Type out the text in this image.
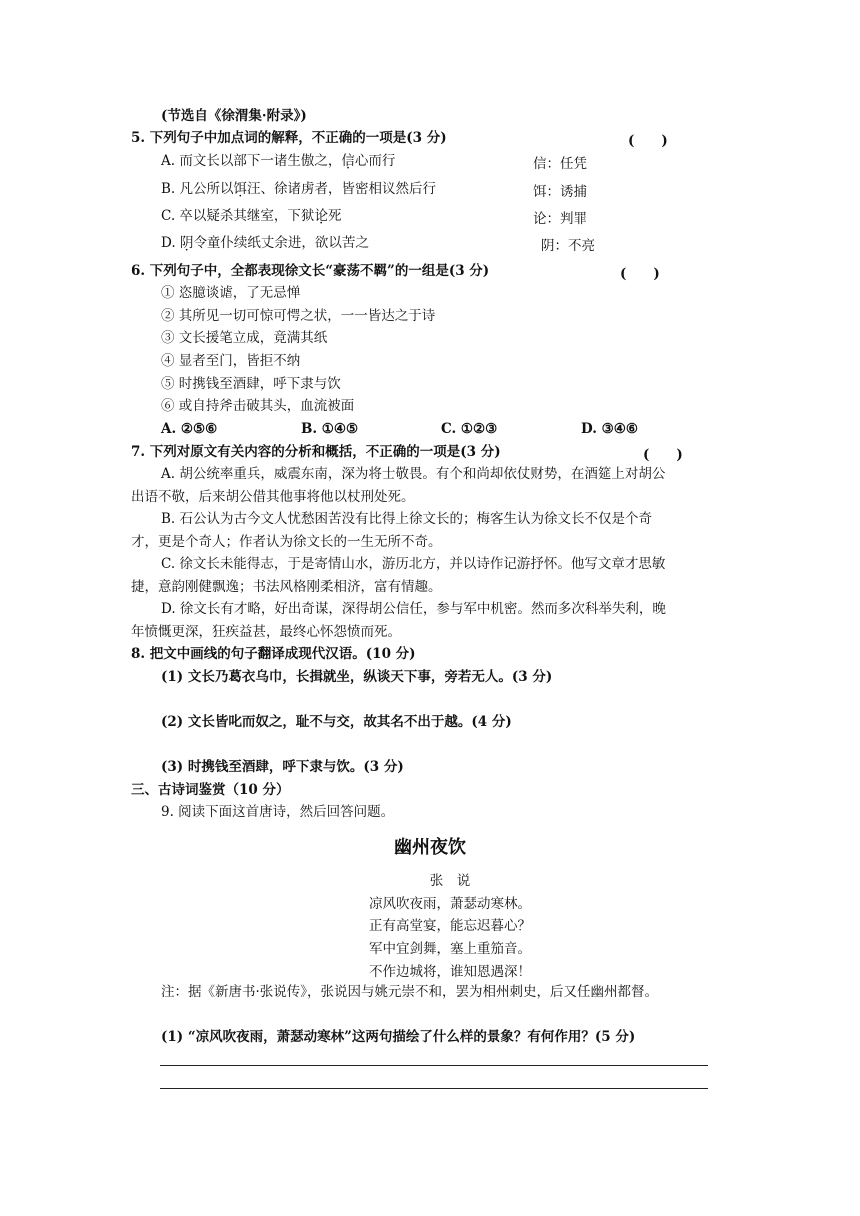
(节选自《徐渭集·附录》)
5. 下列句子中加点词的解释，不正确的一项是(3 分)	(　　)
A. 而文长以部下一诸生傲之，信心而行	信：任凭
B. 凡公所以饵汪、徐诸虏者，皆密相议然后行	饵：诱捕
C. 卒以疑杀其继室，下狱论死	论：判罪
D. 阴令童仆续纸丈余进，欲以苦之	阴：不亮
6. 下列句子中，全都表现徐文长“豪荡不羁”的一组是(3 分)	(　　)
① 恣臆谈谑，了无忌惮
② 其所见一切可惊可愕之状，一一皆达之于诗
③ 文长援笔立成，竟满其纸
④ 显者至门，皆拒不纳
⑤ 时携钱至酒肆，呼下隶与饮
⑥ 或自持斧击破其头，血流被面
A. ②⑤⑥	B. ①④⑤	C. ①②③	D. ③④⑥
7. 下列对原文有关内容的分析和概括，不正确的一项是(3 分)	(　　)
A. 胡公统率重兵，威震东南，深为将士敬畏。有个和尚却依仗财势，在酒筵上对胡公
出语不敬，后来胡公借其他事将他以杖刑处死。
B. 石公认为古今文人忧愁困苦没有比得上徐文长的；梅客生认为徐文长不仅是个奇
才，更是个奇人；作者认为徐文长的一生无所不奇。
C. 徐文长未能得志，于是寄情山水，游历北方，并以诗作记游抒怀。他写文章才思敏
捷，意韵刚健飘逸；书法风格刚柔相济，富有情趣。
D. 徐文长有才略，好出奇谋，深得胡公信任，参与军中机密。然而多次科举失利，晚
年愤慨更深，狂疾益甚，最终心怀怨愤而死。
8. 把文中画线的句子翻译成现代汉语。(10 分)
(1) 文长乃葛衣乌巾，长揖就坐，纵谈天下事，旁若无人。(3 分)
(2) 文长皆叱而奴之，耻不与交，故其名不出于越。(4 分)
(3) 时携钱至酒肆，呼下隶与饮。(3 分)
三、古诗词鉴赏（10 分）
9. 阅读下面这首唐诗，然后回答问题。
幽州夜饮
张　说
凉风吹夜雨，萧瑟动寒林。
正有高堂宴，能忘迟暮心？
军中宜剑舞，塞上重笳音。
不作边城将，谁知恩遇深！
注：据《新唐书·张说传》，张说因与姚元崇不和，罢为相州刺史，后又任幽州都督。
(1) “凉风吹夜雨，萧瑟动寒林”这两句描绘了什么样的景象？有何作用？(5 分)
